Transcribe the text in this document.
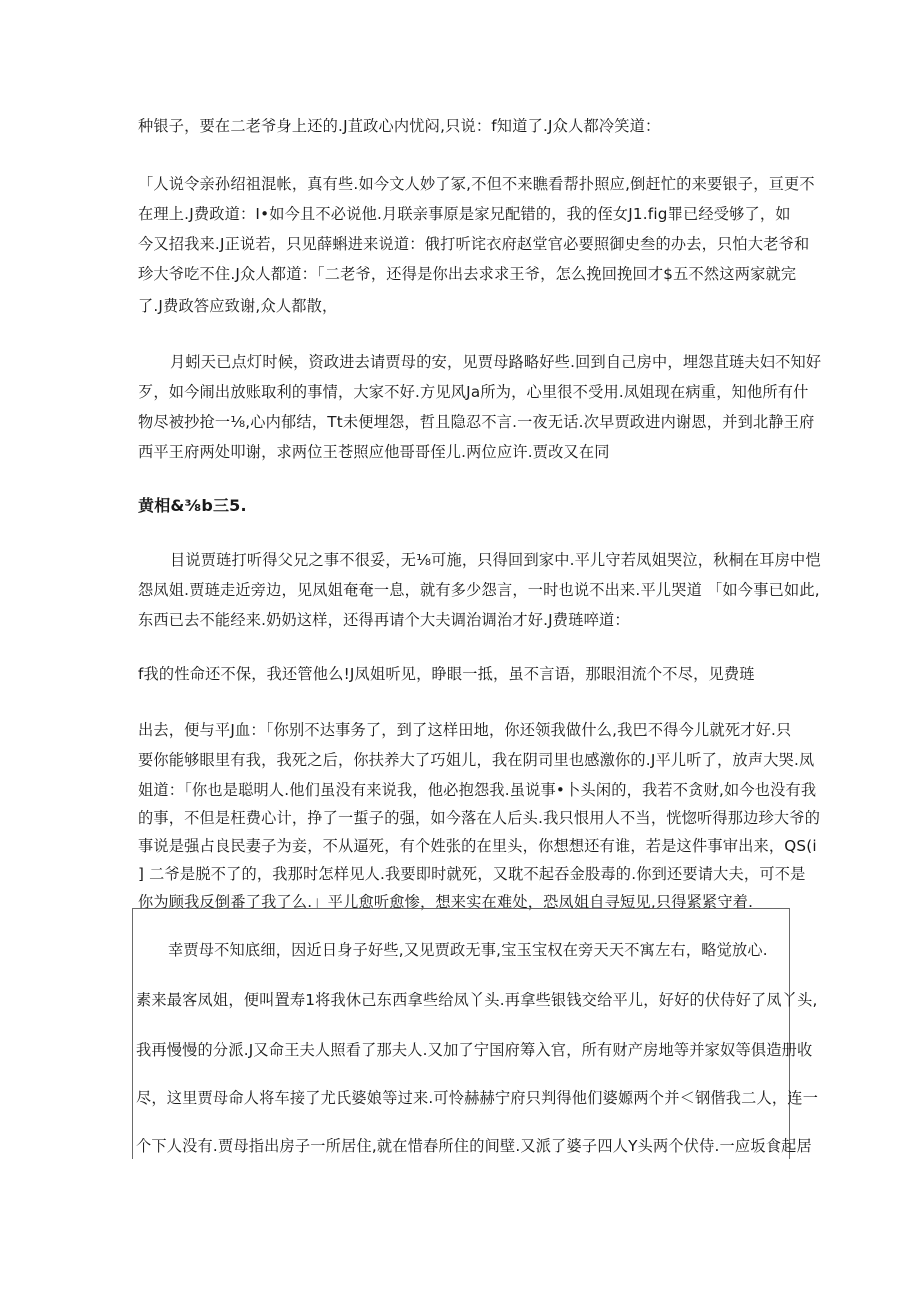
种银子，要在二老爷身上还的.J苴政心内忧闷,只说：f知道了.J众人都冷笑道：
「人说令亲孙绍祖混帐，真有些.如今文人妙了冢,不但不来瞧看帮扑照应,倒赶忙的来要银子，亘更不
在理上.J费政道：I•如今且不必说他.月联亲事原是家兄配错的，我的侄女J1.fig罪已经受够了，如
今又招我来.J正说若，只见薛蝌进来说道：俄打听诧衣府赵堂官必要照御史叁的办去，只怕大老爷和
珍大爷吃不住.J众人都道：「二老爷，还得是你出去求求王爷，怎么挽回挽回才$五不然这两家就完
了.J费政答应致谢,众人都散，
月蚓天已点灯时候，资政进去请贾母的安，见贾母路略好些.回到自己房中，埋怨苴琏夫妇不知好
歹，如今闹出放账取利的事情，大家不好.方见风Ja所为，心里很不受用.凤姐现在病重，知他所有什
物尽被抄抢一⅛,心内郁结，Tt未便埋怨，哲且隐忍不言.一夜无话.次早贾政进内谢恩，并到北静王府
西平王府两处叩谢，求两位王苍照应他哥哥侄儿.两位应许.贾改又在同
黄相&⅜b三5.
目说贾琏打听得父兄之事不很妥，无⅛可施，只得回到家中.平儿守若凤姐哭泣，秋桐在耳房中恺
怨凤姐.贾琏走近旁边，见凤姐奄奄一息，就有多少怨言，一时也说不出来.平儿哭道 「如今事已如此,
东西已去不能经来.奶奶这样，还得再请个大夫调治调治才好.J费琏啐道：
f我的性命还不保，我还管他么!J凤姐听见，睁眼一抵，虽不言语，那眼泪流个不尽，见费琏
出去，便与平J血：「你别不达事务了，到了这样田地，你还领我做什么,我巴不得今儿就死才好.只
要你能够眼里有我，我死之后，你扶养大了巧姐儿，我在阴司里也感激你的.J平儿听了，放声大哭.凤
姐道：「你也是聪明人.他们虽没有来说我，他必抱怨我.虽说事•卜头闲的，我若不贪财,如今也没有我
的事，不但是枉费心计，挣了一蜇子的强，如今落在人后头.我只恨用人不当，恍惚听得那边珍大爷的
事说是强占良民妻子为妾，不从逼死，有个姓张的在里头，你想想还有谁，若是这件事审出来，QS(i
] 二爷是脱不了的，我那时怎样见人.我要即时就死，又耽不起吞金股毒的.你到还要请大夫，可不是
你为顾我反倒番了我了么.」平儿愈听愈惨，想来实在难处，恐凤姐自寻短见,只得紧紧守着.
幸贾母不知底细，因近日身子好些,又见贾政无事,宝玉宝权在旁天天不寓左右，略觉放心.
素来最客凤姐，便叫置寿1将我休己东西拿些给凤丫头.再拿些银钱交给平儿，好好的伏侍好了凤丫头,
我再慢慢的分派.J又命王夫人照看了那夫人.又加了宁国府筹入官，所有财产房地等并家奴等俱造册收
尽，这里贾母命人将车接了尤氏婆娘等过来.可怜赫赫宁府只判得他们婆嫄两个并＜钢偕我二人，连一
个下人没有.贾母指出房子一所居住,就在惜春所住的间壁.又派了婆子四人Y头两个伏侍.一应坂食起居
